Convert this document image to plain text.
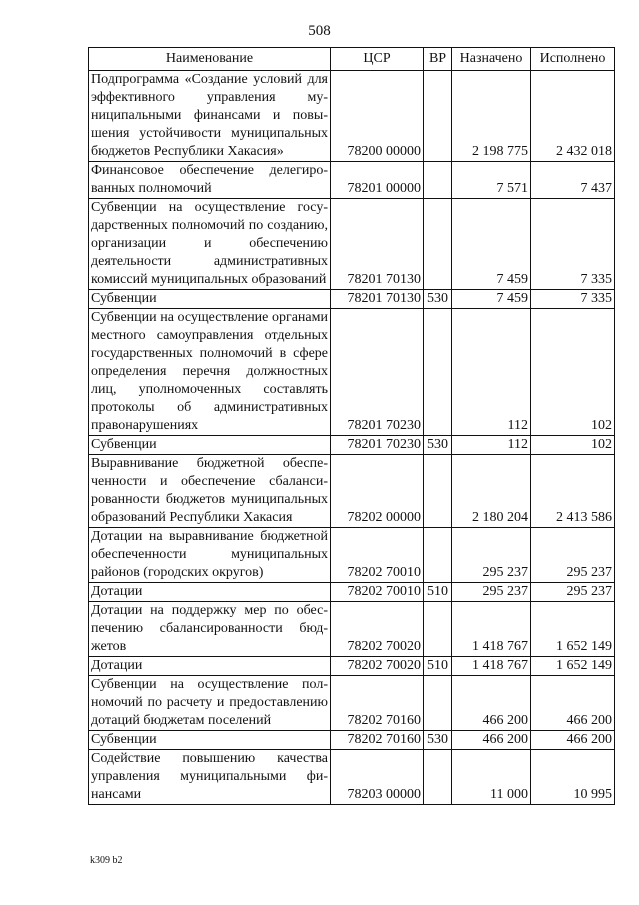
508
Наименование	ЦСР	ВР	Назначено	Исполнено
Подпрограмма «Создание условий для эффективного управления муниципальными финансами и повышения устойчивости муниципальных бюджетов Республики Хакасия»	78200 00000		2 198 775	2 432 018
Финансовое обеспечение делегированных полномочий	78201 00000		7 571	7 437
Субвенции на осуществление государственных полномочий по созданию, организации и обеспечению деятельности административных комиссий муниципальных образований	78201 70130		7 459	7 335
Субвенции	78201 70130	530	7 459	7 335
Субвенции на осуществление органами местного самоуправления отдельных государственных полномочий в сфере определения перечня должностных лиц, уполномоченных составлять протоколы об административных правонарушениях	78201 70230		112	102
Субвенции	78201 70230	530	112	102
Выравнивание бюджетной обеспеченности и обеспечение сбалансированности бюджетов муниципальных образований Республики Хакасия	78202 00000		2 180 204	2 413 586
Дотации на выравнивание бюджетной обеспеченности муниципальных районов (городских округов)	78202 70010		295 237	295 237
Дотации	78202 70010	510	295 237	295 237
Дотации на поддержку мер по обеспечению сбалансированности бюджетов	78202 70020		1 418 767	1 652 149
Дотации	78202 70020	510	1 418 767	1 652 149
Субвенции на осуществление полномочий по расчету и предоставлению дотаций бюджетам поселений	78202 70160		466 200	466 200
Субвенции	78202 70160	530	466 200	466 200
Содействие повышению качества управления муниципальными финансами	78203 00000		11 000	10 995
k309 b2
